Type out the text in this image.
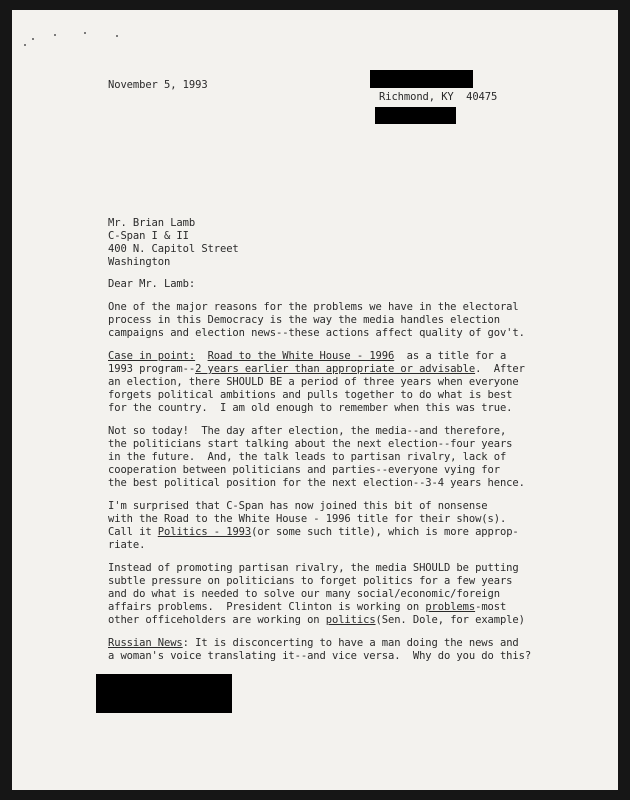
November 5, 1993
Richmond, KY  40475
Mr. Brian Lamb
C-Span I & II
400 N. Capitol Street
Washington
Dear Mr. Lamb:
One of the major reasons for the problems we have in the electoral
process in this Democracy is the way the media handles election
campaigns and election news--these actions affect quality of gov't.
Case in point: Road to the White House - 1996 as a title for a
1993 program--2 years earlier than appropriate or advisable.  After
an election, there SHOULD BE a period of three years when everyone
forgets political ambitions and pulls together to do what is best
for the country.  I am old enough to remember when this was true.
Not so today!  The day after election, the media--and therefore,
the politicians start talking about the next election--four years
in the future.  And, the talk leads to partisan rivalry, lack of
cooperation between politicians and parties--everyone vying for
the best political position for the next election--3-4 years hence.
I'm surprised that C-Span has now joined this bit of nonsense
with the Road to the White House - 1996 title for their show(s).
Call it Politics - 1993(or some such title), which is more approp-
riate.
Instead of promoting partisan rivalry, the media SHOULD be putting
subtle pressure on politicians to forget politics for a few years
and do what is needed to solve our many social/economic/foreign
affairs problems.  President Clinton is working on problems-most
other officeholders are working on politics(Sen. Dole, for example)
Russian News: It is disconcerting to have a man doing the news and
a woman's voice translating it--and vice versa.  Why do you do this?
